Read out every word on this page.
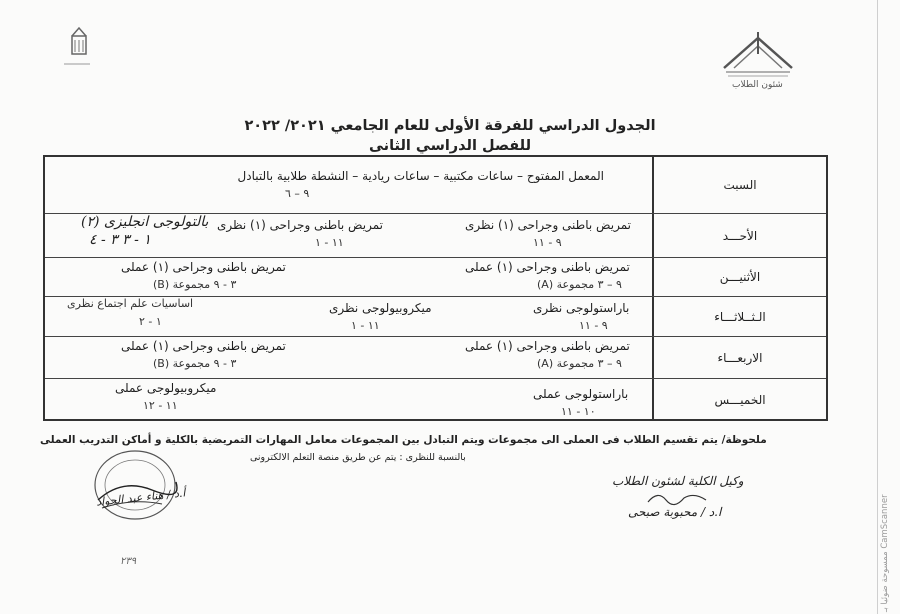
شئون الطلاب
الجدول الدراسي للفرقة الأولى للعام الجامعي ٢٠٢١/ ٢٠٢٢
للفصل الدراسي الثانى
السبت
المعمل المفتوح – ساعات مكتبية – ساعات ريادية – النشطة طلابية بالتبادل
٩ – ٦
الأحـــد
تمريض باطنى وجراحى (١) نظرى
٩ - ١١
تمريض باطنى وجراحى (١) نظرى
١١ - ١
بالتولوجى انجليزى (٢)
١ - ٣ ٣ - ٤
الأثنيـــن
تمريض باطنى وجراحى (١) عملى
٩ – ٣ مجموعة (A)
تمريض باطنى وجراحى (١) عملى
٣ - ٩ مجموعة (B)
الـثــلاثـــاء
باراستولوجى نظرى
٩ - ١١
ميكروبيولوجى نظرى
١١ - ١
اساسيات علم اجتماع نظرى
١ - ٢
الاربعـــاء
تمريض باطنى وجراحى (١) عملى
٩ – ٣ مجموعة (A)
تمريض باطنى وجراحى (١) عملى
٣ - ٩ مجموعة (B)
الخميـــس
باراستولوجى عملى
١٠ - ١١
ميكروبيولوجى عملى
١١ - ١٢
ملحوظة/ يتم تقسيم الطلاب فى العملى الى مجموعات ويتم التبادل بين المجموعات معامل المهارات التمريضية بالكلية و أماكن التدريب العملى
بالنسبة للنظرى : يتم عن طريق منصة التعلم الالكترونى
وكيل الكلية لشئون الطلاب
ا.د / محبوبة صبحى
أ.د / هناء عبد الجواد
٢٣٩	ممسوحة ضوئيا بـ CamScanner
